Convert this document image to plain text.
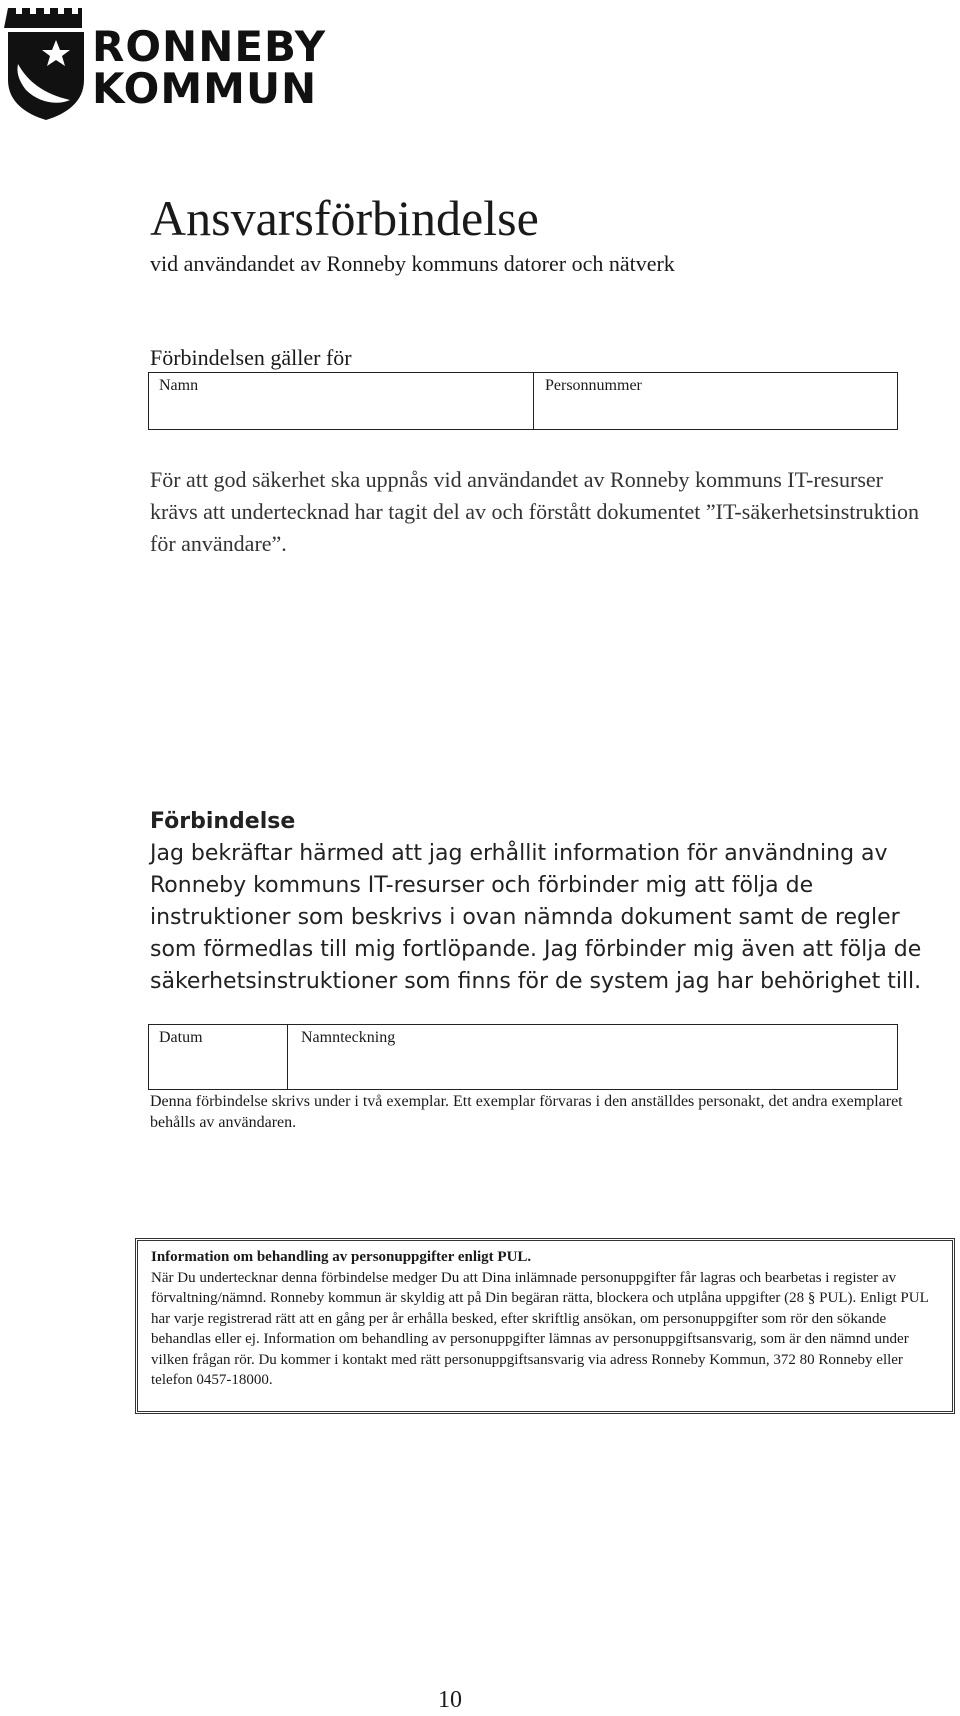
RONNEBY
KOMMUN
Ansvarsförbindelse
vid användandet av Ronneby kommuns datorer och nätverk
Förbindelsen gäller för
Namn	Personnummer
För att god säkerhet ska uppnås vid användandet av Ronneby kommuns IT-resurser krävs att undertecknad har tagit del av och förstått dokumentet ”IT-säkerhetsinstruktion för användare”.
Förbindelse
Jag bekräftar härmed att jag erhållit information för användning av Ronneby kommuns IT-resurser och förbinder mig att följa de instruktioner som beskrivs i ovan nämnda dokument samt de regler som förmedlas till mig fortlöpande. Jag förbinder mig även att följa de säkerhetsinstruktioner som finns för de system jag har behörighet till.
Datum	Namnteckning
Denna förbindelse skrivs under i två exemplar. Ett exemplar förvaras i den anställdes personakt, det andra exemplaret behålls av användaren.
Information om behandling av personuppgifter enligt PUL.
När Du undertecknar denna förbindelse medger Du att Dina inlämnade personuppgifter får lagras och bearbetas i register av förvaltning/nämnd. Ronneby kommun är skyldig att på Din begäran rätta, blockera och utplåna uppgifter (28 § PUL). Enligt PUL har varje registrerad rätt att en gång per år erhålla besked, efter skriftlig ansökan, om personuppgifter som rör den sökande behandlas eller ej. Information om behandling av personuppgifter lämnas av personuppgiftsansvarig, som är den nämnd under vilken frågan rör. Du kommer i kontakt med rätt personuppgiftsansvarig via adress Ronneby Kommun, 372 80 Ronneby eller telefon 0457-18000.
10
